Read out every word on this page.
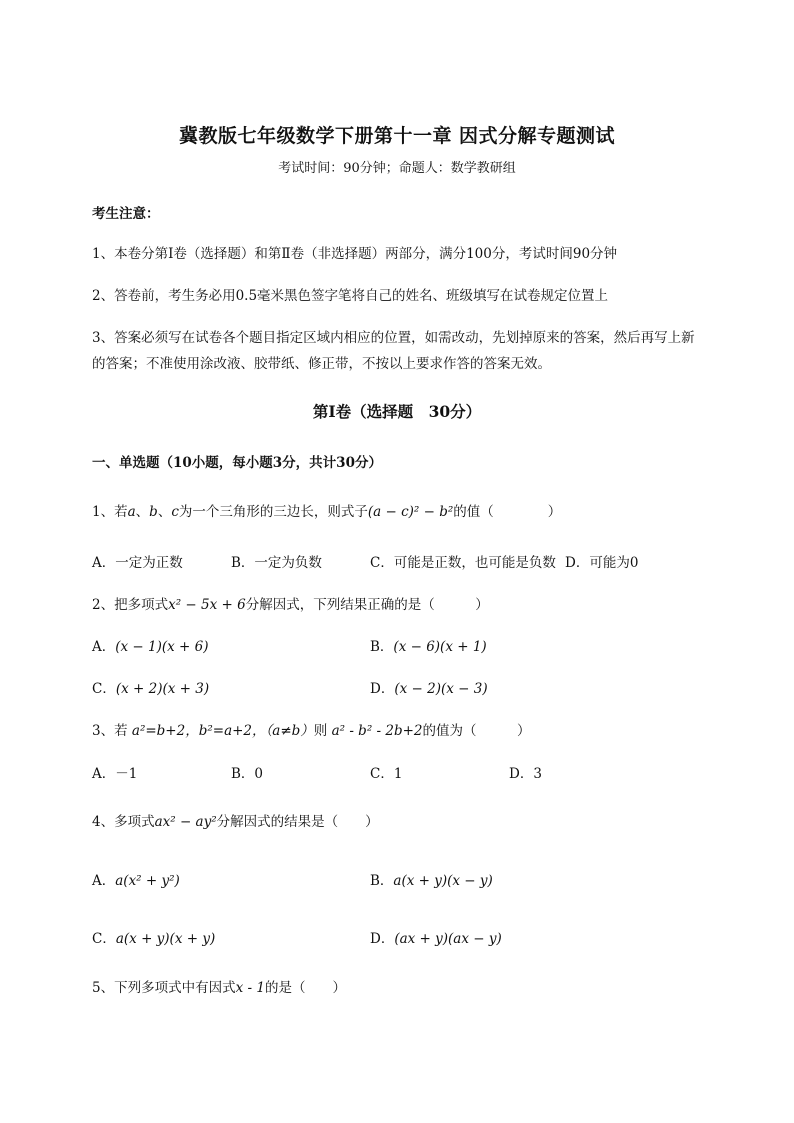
冀教版七年级数学下册第十一章 因式分解专题测试
考试时间：90分钟；命题人：数学教研组
考生注意：
1、本卷分第I卷（选择题）和第Ⅱ卷（非选择题）两部分，满分100分，考试时间90分钟
2、答卷前，考生务必用0.5毫米黑色签字笔将自己的姓名、班级填写在试卷规定位置上
3、答案必须写在试卷各个题目指定区域内相应的位置，如需改动，先划掉原来的答案，然后再写上新
的答案；不准使用涂改液、胶带纸、修正带，不按以上要求作答的答案无效。
第I卷（选择题　30分）
一、单选题（10小题，每小题3分，共计30分）
1、若a、b、c为一个三角形的三边长，则式子(a − c)² − b²的值（　　　　）
A．一定为正数	B．一定为负数	C．可能是正数，也可能是负数 D．可能为0
2、把多项式x² − 5x + 6分解因式，下列结果正确的是（　　　）
A．(x − 1)(x + 6)	B．(x − 6)(x + 1)
C．(x + 2)(x + 3)	D．(x − 2)(x − 3)
3、若 a²=b+2，b²=a+2，（a≠b）则 a² - b² - 2b+2的值为（　　　）
A．－1	B．0	C．1	D．3
4、多项式ax² − ay²分解因式的结果是（　　）
A．a(x² + y²)	B．a(x + y)(x − y)
C．a(x + y)(x + y)	D．(ax + y)(ax − y)
5、下列多项式中有因式x - 1的是（　　）
